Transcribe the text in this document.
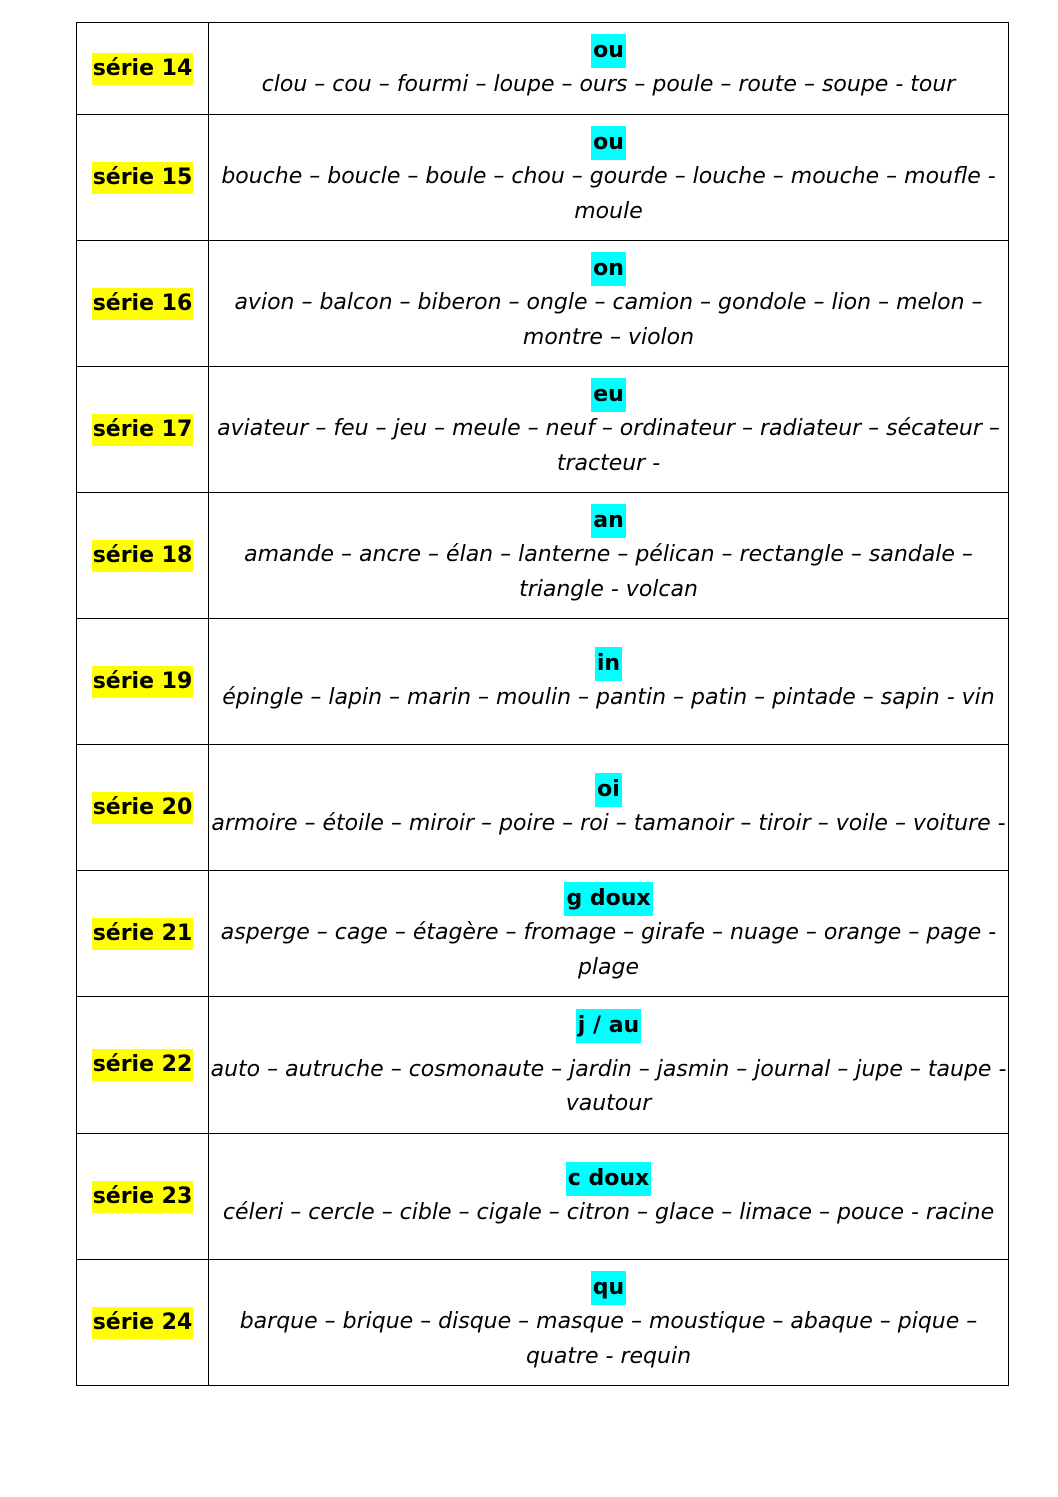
série 14	ou

clou – cou – fourmi – loupe – ours – poule – route – soupe - tour

série 15	ou

bouche – boucle – boule – chou – gourde – louche – mouche – moufle - moule

série 16	on

avion – balcon – biberon – ongle – camion – gondole – lion – melon – montre – violon

série 17	eu

aviateur – feu – jeu – meule – neuf – ordinateur – radiateur – sécateur – tracteur -

série 18	an

amande – ancre – élan – lanterne – pélican – rectangle – sandale – triangle - volcan

série 19	in

épingle – lapin – marin – moulin – pantin – patin – pintade – sapin - vin

série 20	oi

armoire – étoile – miroir – poire – roi – tamanoir – tiroir – voile – voiture -

série 21	g doux

asperge – cage – étagère – fromage – girafe – nuage – orange – page - plage

série 22	j / au

auto – autruche – cosmonaute – jardin – jasmin – journal – jupe – taupe - vautour

série 23	c doux

céleri – cercle – cible – cigale – citron – glace – limace – pouce - racine

série 24	qu

barque – brique – disque – masque – moustique – abaque – pique – quatre - requin
